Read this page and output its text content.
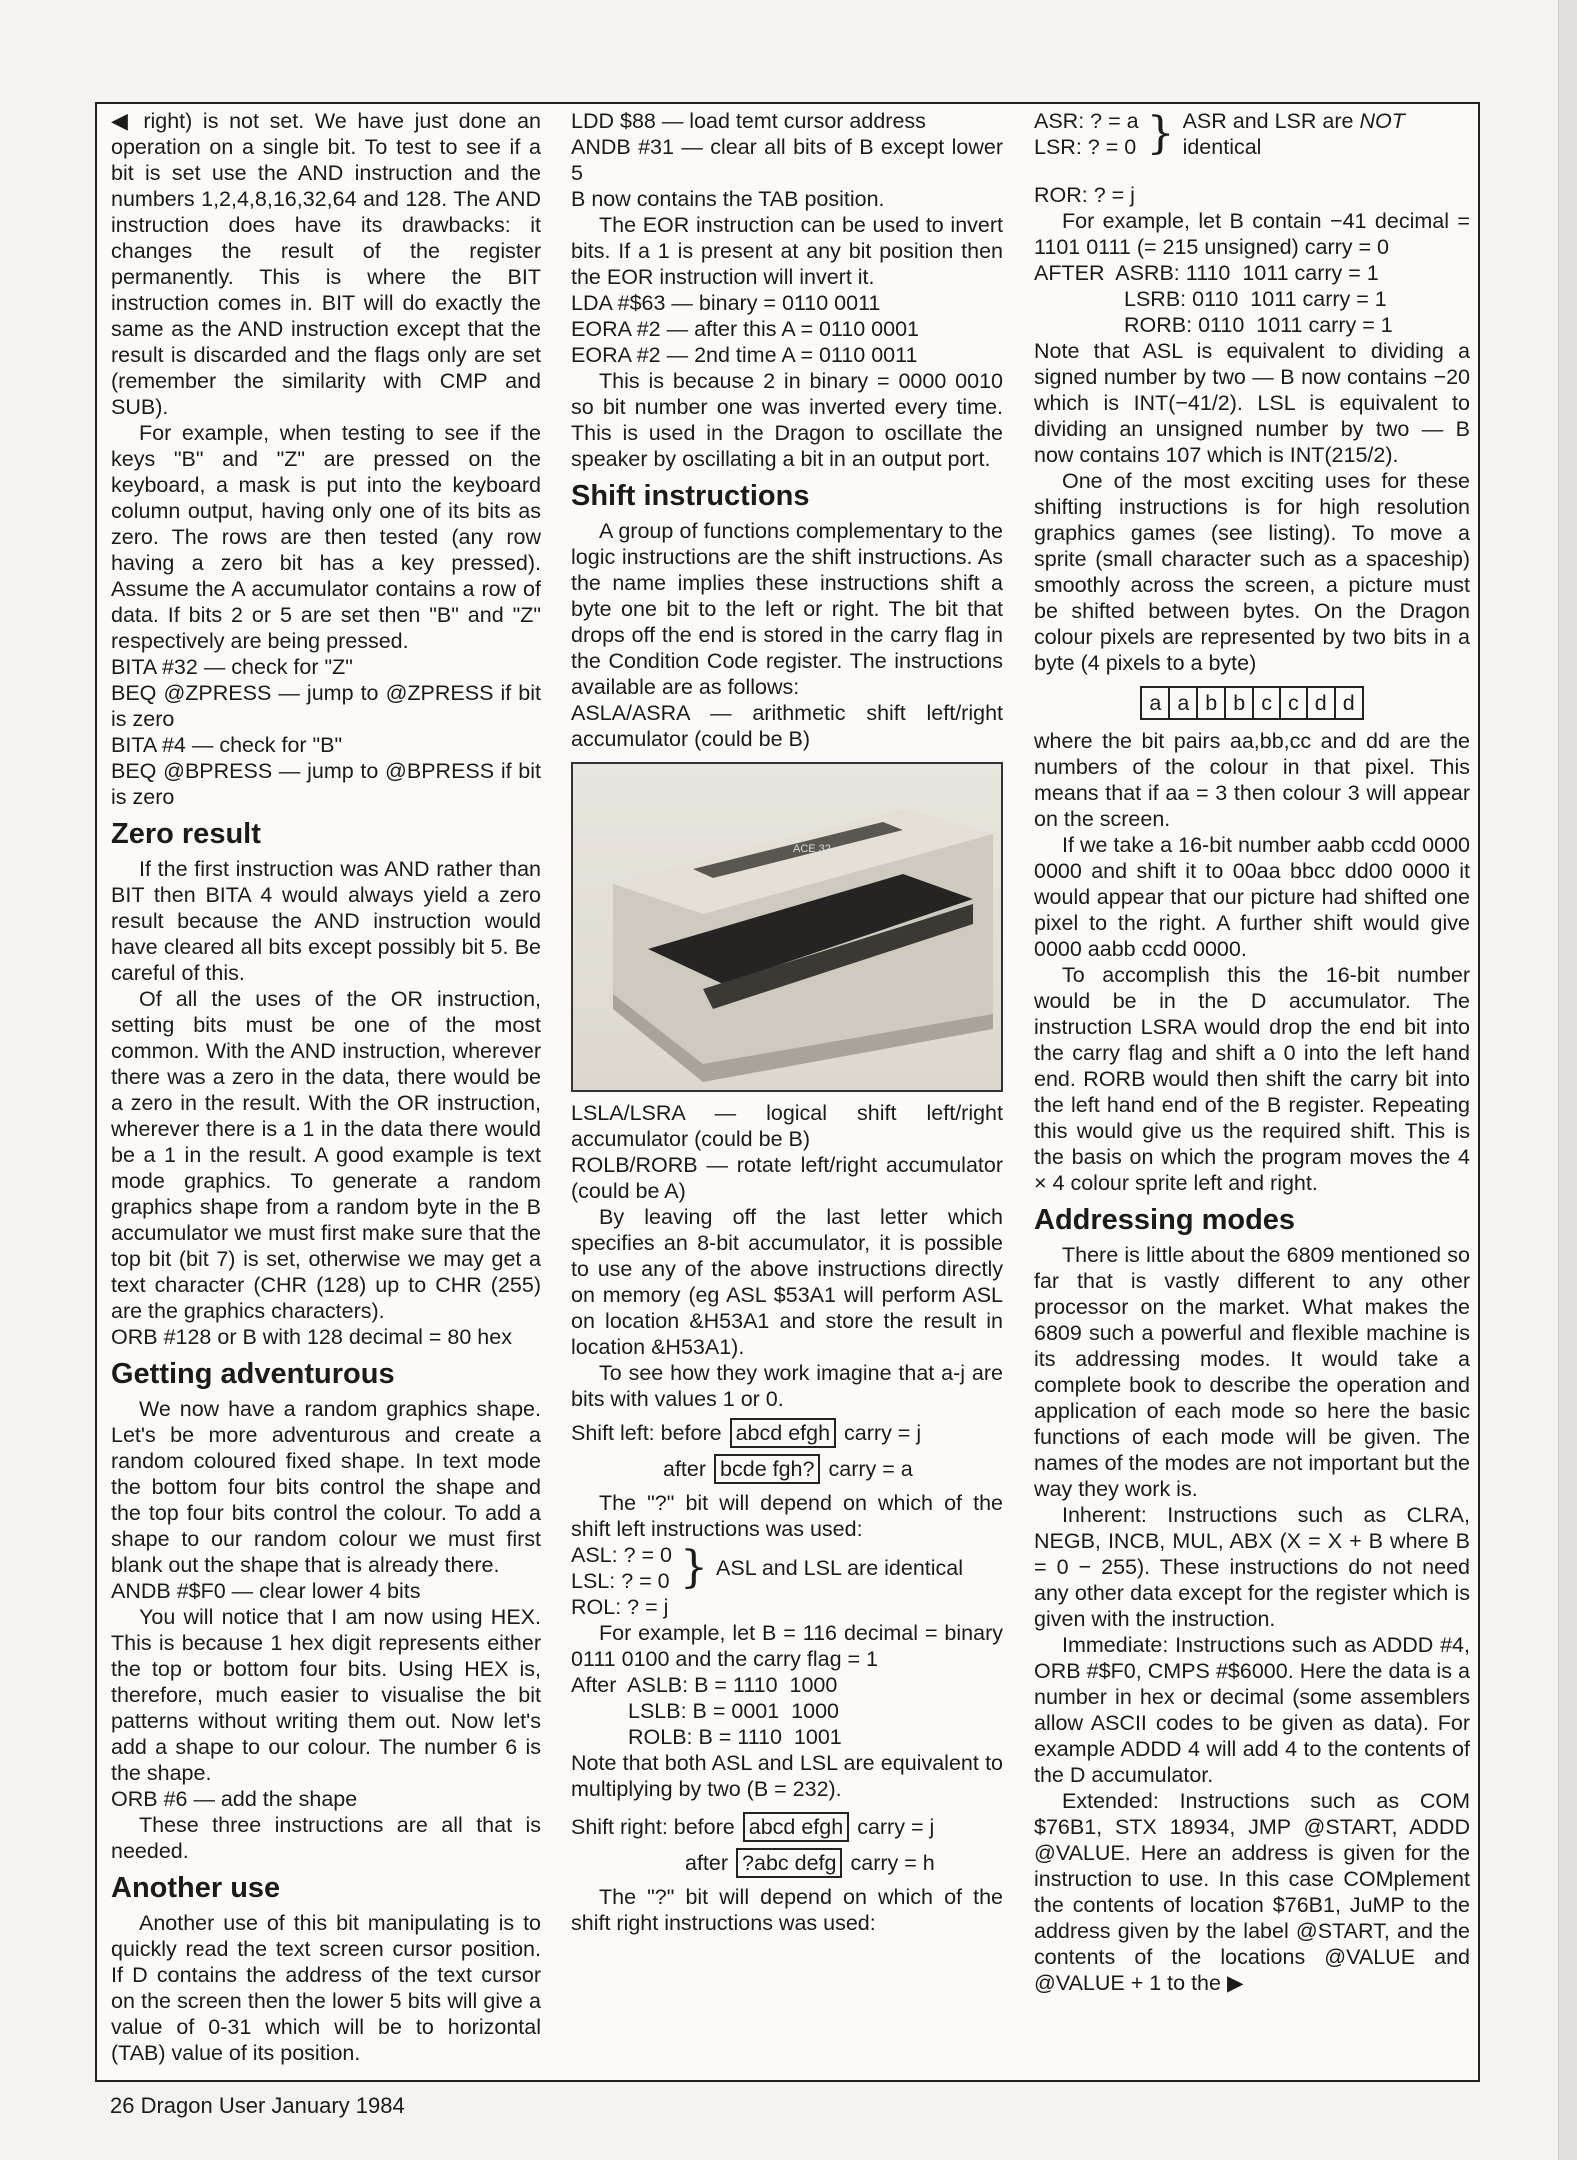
◀ right) is not set. We have just done an operation on a single bit. To test to see if a bit is set use the AND instruction and the numbers 1,2,4,8,16,32,64 and 128. The AND instruction does have its drawbacks: it changes the result of the register permanently. This is where the BIT instruction comes in. BIT will do exactly the same as the AND instruction except that the result is discarded and the flags only are set (remember the similarity with CMP and SUB).

For example, when testing to see if the keys "B" and "Z" are pressed on the keyboard, a mask is put into the keyboard column output, having only one of its bits as zero. The rows are then tested (any row having a zero bit has a key pressed). Assume the A accumulator contains a row of data. If bits 2 or 5 are set then "B" and "Z" respectively are being pressed.

BITA #32 — check for "Z"

BEQ @ZPRESS — jump to @ZPRESS if bit is zero

BITA #4 — check for "B"

BEQ @BPRESS — jump to @BPRESS if bit is zero

Zero result

If the first instruction was AND rather than BIT then BITA 4 would always yield a zero result because the AND instruction would have cleared all bits except possibly bit 5. Be careful of this.

Of all the uses of the OR instruction, setting bits must be one of the most common. With the AND instruction, wherever there was a zero in the data, there would be a zero in the result. With the OR instruction, wherever there is a 1 in the data there would be a 1 in the result. A good example is text mode graphics. To generate a random graphics shape from a random byte in the B accumulator we must first make sure that the top bit (bit 7) is set, otherwise we may get a text character (CHR (128) up to CHR (255) are the graphics characters).

ORB #128 or B with 128 decimal = 80 hex

Getting adventurous

We now have a random graphics shape. Let's be more adventurous and create a random coloured fixed shape. In text mode the bottom four bits control the shape and the top four bits control the colour. To add a shape to our random colour we must first blank out the shape that is already there.

ANDB #$F0 — clear lower 4 bits

You will notice that I am now using HEX. This is because 1 hex digit represents either the top or bottom four bits. Using HEX is, therefore, much easier to visualise the bit patterns without writing them out. Now let's add a shape to our colour. The number 6 is the shape.

ORB #6 — add the shape

These three instructions are all that is needed.

Another use

Another use of this bit manipulating is to quickly read the text screen cursor position. If D contains the address of the text cursor on the screen then the lower 5 bits will give a value of 0-31 which will be to horizontal (TAB) value of its position.

LDD $88 — load temt cursor address

ANDB #31 — clear all bits of B except lower 5

B now contains the TAB position.

The EOR instruction can be used to invert bits. If a 1 is present at any bit position then the EOR instruction will invert it.

LDA #$63 — binary = 0110 0011

EORA #2 — after this A = 0110 0001

EORA #2 — 2nd time A = 0110 0011

This is because 2 in binary = 0000 0010 so bit number one was inverted every time. This is used in the Dragon to oscillate the speaker by oscillating a bit in an output port.

Shift instructions

A group of functions complementary to the logic instructions are the shift instructions. As the name implies these instructions shift a byte one bit to the left or right. The bit that drops off the end is stored in the carry flag in the Condition Code register. The instructions available are as follows:

ASLA/ASRA — arithmetic shift left/right accumulator (could be B)

ACE 32

LSLA/LSRA — logical shift left/right accumulator (could be B)

ROLB/RORB — rotate left/right accumulator (could be A)

By leaving off the last letter which specifies an 8-bit accumulator, it is possible to use any of the above instructions directly on memory (eg ASL $53A1 will perform ASL on location &H53A1 and store the result in location &H53A1).

To see how they work imagine that a-j are bits with values 1 or 0.

Shift left: before abcd efgh carry = j
after bcde fgh? carry = a

The "?" bit will depend on which of the shift left instructions was used:

ASL: ? = 0

LSL: ? = 0 } ASL and LSL are identical

ROL: ? = j

For example, let B = 116 decimal = binary 0111 0100 and the carry flag = 1

After  ASLB: B = 1110  1000

LSLB: B = 0001  1000

ROLB: B = 1110  1001

Note that both ASL and LSL are equivalent to multiplying by two (B = 232).

Shift right: before abcd efgh carry = j
after ?abc defg carry = h

The "?" bit will depend on which of the shift right instructions was used:

ASR: ? = a

LSR: ? = 0 } ASR and LSR are NOT
identical

ROR: ? = j

For example, let B contain −41 decimal = 1101 0111 (= 215 unsigned) carry = 0

AFTER  ASRB: 1110  1011 carry = 1

LSRB: 0110  1011 carry = 1

RORB: 0110  1011 carry = 1

Note that ASL is equivalent to dividing a signed number by two — B now contains −20 which is INT(−41/2). LSL is equivalent to dividing an unsigned number by two — B now contains 107 which is INT(215/2).

One of the most exciting uses for these shifting instructions is for high resolution graphics games (see listing). To move a sprite (small character such as a spaceship) smoothly across the screen, a picture must be shifted between bytes. On the Dragon colour pixels are represented by two bits in a byte (4 pixels to a byte)

a a b b c c d d

where the bit pairs aa,bb,cc and dd are the numbers of the colour in that pixel. This means that if aa = 3 then colour 3 will appear on the screen.

If we take a 16-bit number aabb ccdd 0000 0000 and shift it to 00aa bbcc dd00 0000 it would appear that our picture had shifted one pixel to the right. A further shift would give 0000 aabb ccdd 0000.

To accomplish this the 16-bit number would be in the D accumulator. The instruction LSRA would drop the end bit into the carry flag and shift a 0 into the left hand end. RORB would then shift the carry bit into the left hand end of the B register. Repeating this would give us the required shift. This is the basis on which the program moves the 4 × 4 colour sprite left and right.

Addressing modes

There is little about the 6809 mentioned so far that is vastly different to any other processor on the market. What makes the 6809 such a powerful and flexible machine is its addressing modes. It would take a complete book to describe the operation and application of each mode so here the basic functions of each mode will be given. The names of the modes are not important but the way they work is.

Inherent: Instructions such as CLRA, NEGB, INCB, MUL, ABX (X = X + B where B = 0 − 255). These instructions do not need any other data except for the register which is given with the instruction.

Immediate: Instructions such as ADDD #4, ORB #$F0, CMPS #$6000. Here the data is a number in hex or decimal (some assemblers allow ASCII codes to be given as data). For example ADDD 4 will add 4 to the contents of the D accumulator.

Extended: Instructions such as COM $76B1, STX 18934, JMP @START, ADDD @VALUE. Here an address is given for the instruction to use. In this case COMplement the contents of location $76B1, JuMP to the address given by the label @START, and the contents of the locations @VALUE and @VALUE + 1 to the ▶

26 Dragon User January 1984
